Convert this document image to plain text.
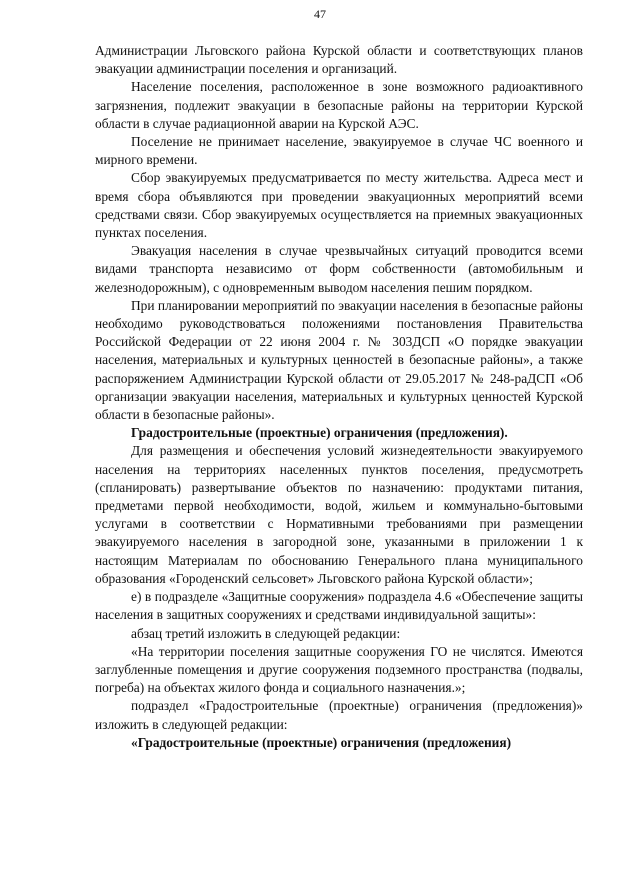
47

Администрации Льговского района Курской области и соответствующих планов эвакуации администрации поселения и организаций.

Население поселения, расположенное в зоне возможного радиоактивного загрязнения, подлежит эвакуации в безопасные районы на территории Курской области в случае радиационной аварии на Курской АЭС.

Поселение не принимает население, эвакуируемое в случае ЧС военного и мирного времени.

Сбор эвакуируемых предусматривается по месту жительства. Адреса мест и время сбора объявляются при проведении эвакуационных мероприятий всеми средствами связи. Сбор эвакуируемых осуществляется на приемных эвакуационных пунктах поселения.

Эвакуация населения в случае чрезвычайных ситуаций проводится всеми видами транспорта независимо от форм собственности (автомобильным и железнодорожным), с одновременным выводом населения пешим порядком.

При планировании мероприятий по эвакуации населения в безопасные районы необходимо руководствоваться положениями постановления Правительства Российской Федерации от 22 июня 2004 г. № 303ДСП «О порядке эвакуации населения, материальных и культурных ценностей в безопасные районы», а также распоряжением Администрации Курской области от 29.05.2017 № 248-раДСП «Об организации эвакуации населения, материальных и культурных ценностей Курской области в безопасные районы».

Градостроительные (проектные) ограничения (предложения).

Для размещения и обеспечения условий жизнедеятельности эвакуируемого населения на территориях населенных пунктов поселения, предусмотреть (спланировать) развертывание объектов по назначению: продуктами питания, предметами первой необходимости, водой, жильем и коммунально-бытовыми услугами в соответствии с Нормативными требованиями при размещении эвакуируемого населения в загородной зоне, указанными в приложении 1 к настоящим Материалам по обоснованию Генерального плана муниципального образования «Городенский сельсовет» Льговского района Курской области»;

е) в подразделе «Защитные сооружения» подраздела 4.6 «Обеспечение защиты населения в защитных сооружениях и средствами индивидуальной защиты»:

абзац третий изложить в следующей редакции:

«На территории поселения защитные сооружения ГО не числятся. Имеются заглубленные помещения и другие сооружения подземного пространства (подвалы, погреба) на объектах жилого фонда и социального назначения.»;

подраздел «Градостроительные (проектные) ограничения (предложения)» изложить в следующей редакции:

«Градостроительные (проектные) ограничения (предложения)
